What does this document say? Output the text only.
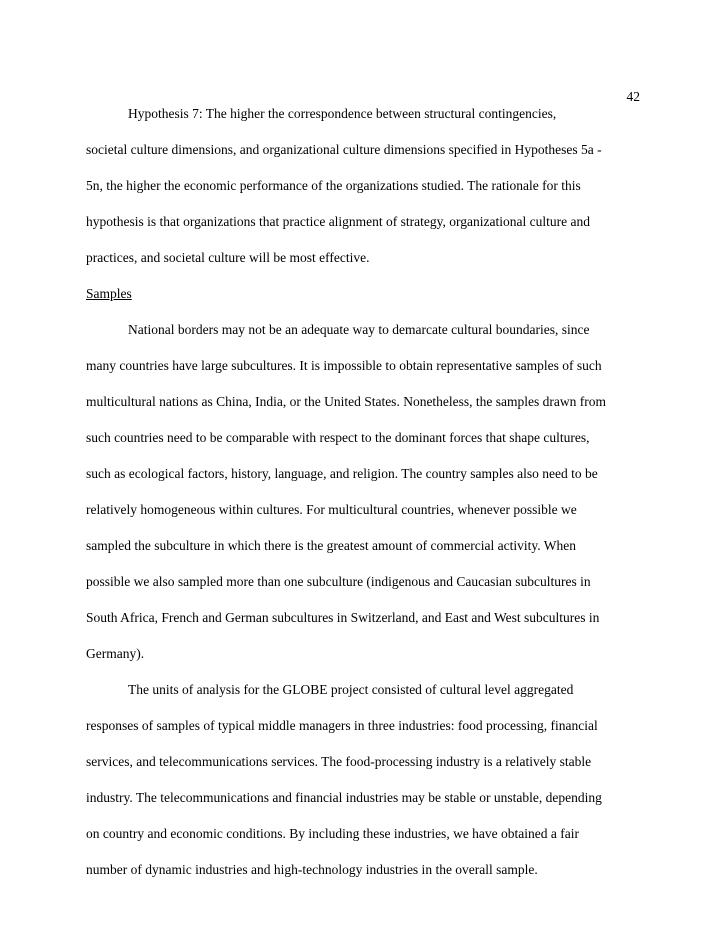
42

Hypothesis 7: The higher the correspondence between structural contingencies,
societal culture dimensions, and organizational culture dimensions specified in Hypotheses 5a -
5n, the higher the economic performance of the organizations studied. The rationale for this
hypothesis is that organizations that practice alignment of strategy, organizational culture and
practices, and societal culture will be most effective.

Samples

National borders may not be an adequate way to demarcate cultural boundaries, since
many countries have large subcultures. It is impossible to obtain representative samples of such
multicultural nations as China, India, or the United States. Nonetheless, the samples drawn from
such countries need to be comparable with respect to the dominant forces that shape cultures,
such as ecological factors, history, language, and religion. The country samples also need to be
relatively homogeneous within cultures. For multicultural countries, whenever possible we
sampled the subculture in which there is the greatest amount of commercial activity. When
possible we also sampled more than one subculture (indigenous and Caucasian subcultures in
South Africa, French and German subcultures in Switzerland, and East and West subcultures in
Germany).

The units of analysis for the GLOBE project consisted of cultural level aggregated
responses of samples of typical middle managers in three industries: food processing, financial
services, and telecommunications services. The food-processing industry is a relatively stable
industry. The telecommunications and financial industries may be stable or unstable, depending
on country and economic conditions. By including these industries, we have obtained a fair
number of dynamic industries and high-technology industries in the overall sample.
